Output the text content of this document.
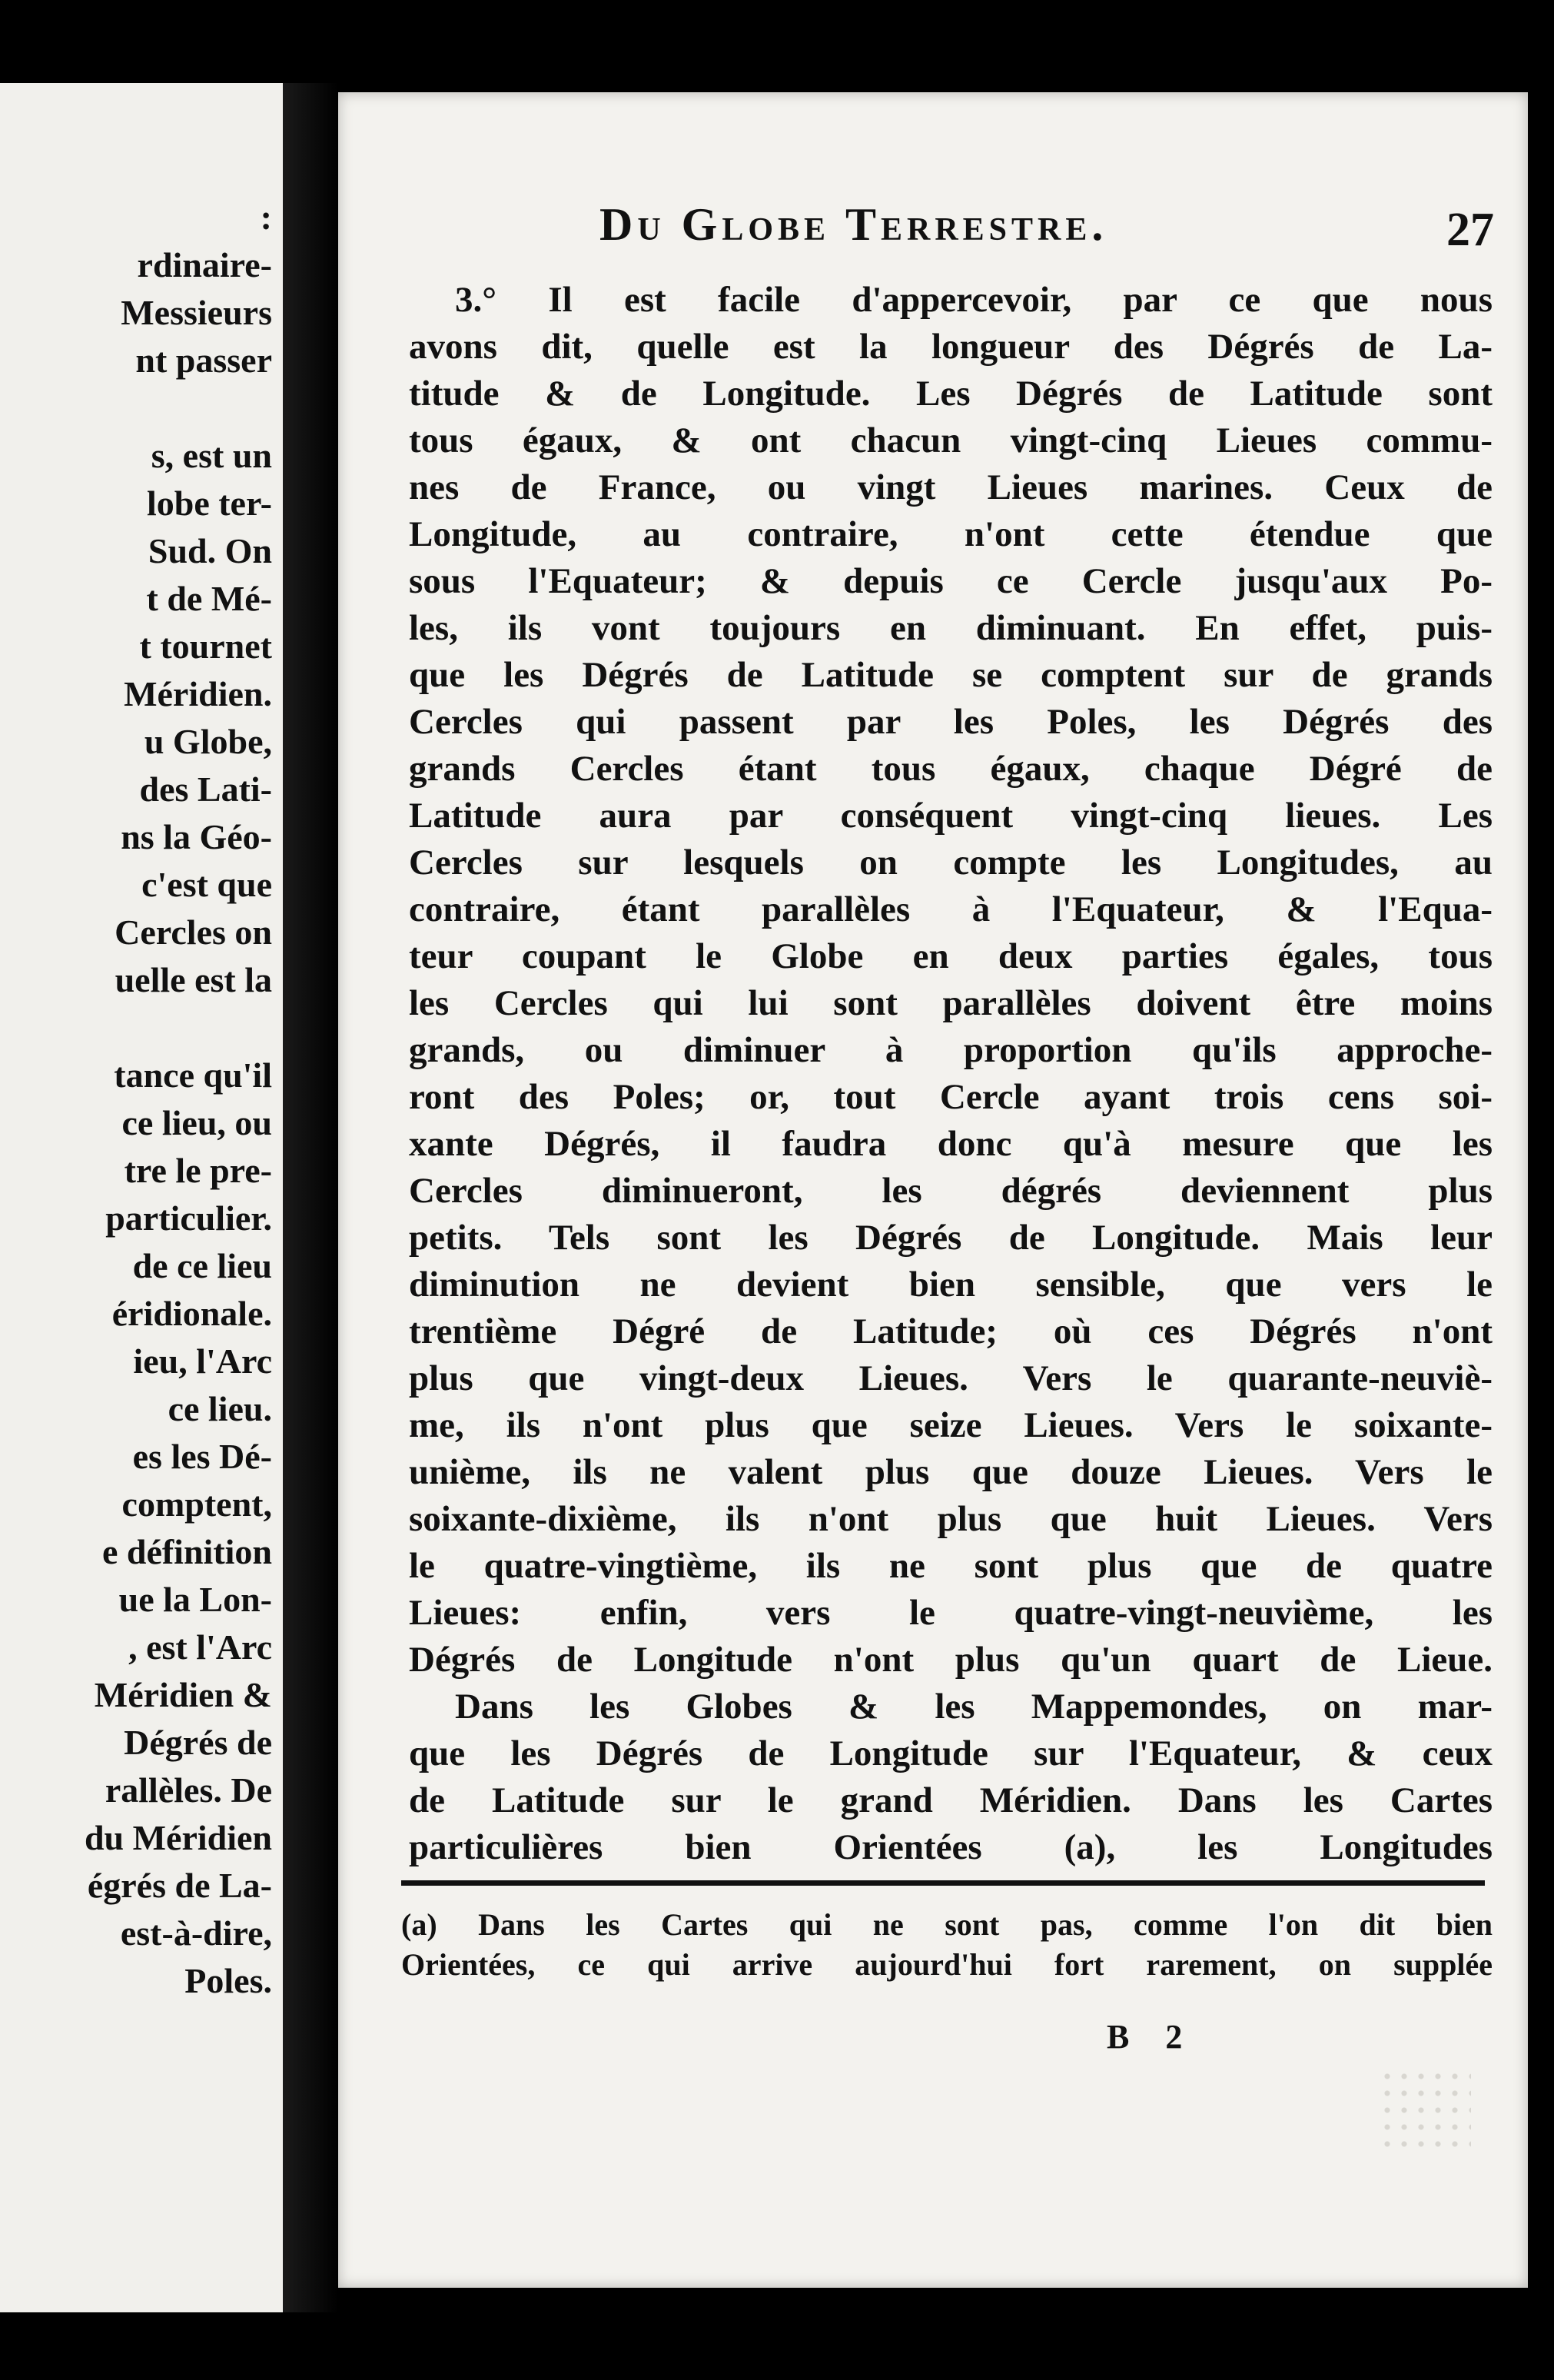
:
rdinaire-
Messieurs
nt passer
s, est un
lobe ter-
Sud. On
t de Mé-
t tournet
Méridien.
u Globe,
des Lati-
ns la Géo-
c'est que
Cercles on
uelle est la
tance qu'il
ce lieu, ou
tre le pre-
particulier.
de ce lieu
éridionale.
ieu, l'Arc
ce lieu.
es les Dé-
comptent,
e définition
ue la Lon-
, est l'Arc
Méridien &
Dégrés de
rallèles. De
du Méridien
égrés de La-
est-à-dire,
Poles.
Du Globe Terrestre.	27
3.° Il est facile d'appercevoir, par ce que nous
avons dit, quelle est la longueur des Dégrés de La-
titude & de Longitude. Les Dégrés de Latitude sont
tous égaux, & ont chacun vingt-cinq Lieues commu-
nes de France, ou vingt Lieues marines. Ceux de
Longitude, au contraire, n'ont cette étendue que
sous l'Equateur; & depuis ce Cercle jusqu'aux Po-
les, ils vont toujours en diminuant. En effet, puis-
que les Dégrés de Latitude se comptent sur de grands
Cercles qui passent par les Poles, les Dégrés des
grands Cercles étant tous égaux, chaque Dégré de
Latitude aura par conséquent vingt-cinq lieues. Les
Cercles sur lesquels on compte les Longitudes, au
contraire, étant parallèles à l'Equateur, & l'Equa-
teur coupant le Globe en deux parties égales, tous
les Cercles qui lui sont parallèles doivent être moins
grands, ou diminuer à proportion qu'ils approche-
ront des Poles; or, tout Cercle ayant trois cens soi-
xante Dégrés, il faudra donc qu'à mesure que les
Cercles diminueront, les dégrés deviennent plus
petits. Tels sont les Dégrés de Longitude. Mais leur
diminution ne devient bien sensible, que vers le
trentième Dégré de Latitude; où ces Dégrés n'ont
plus que vingt-deux Lieues. Vers le quarante-neuviè-
me, ils n'ont plus que seize Lieues. Vers le soixante-
unième, ils ne valent plus que douze Lieues. Vers le
soixante-dixième, ils n'ont plus que huit Lieues. Vers
le quatre-vingtième, ils ne sont plus que de quatre
Lieues: enfin, vers le quatre-vingt-neuvième, les
Dégrés de Longitude n'ont plus qu'un quart de Lieue.
Dans les Globes & les Mappemondes, on mar-
que les Dégrés de Longitude sur l'Equateur, & ceux
de Latitude sur le grand Méridien. Dans les Cartes
particulières bien Orientées (a), les Longitudes
(a) Dans les Cartes qui ne sont pas, comme l'on dit bien
Orientées, ce qui arrive aujourd'hui fort rarement, on supplée
B 2
